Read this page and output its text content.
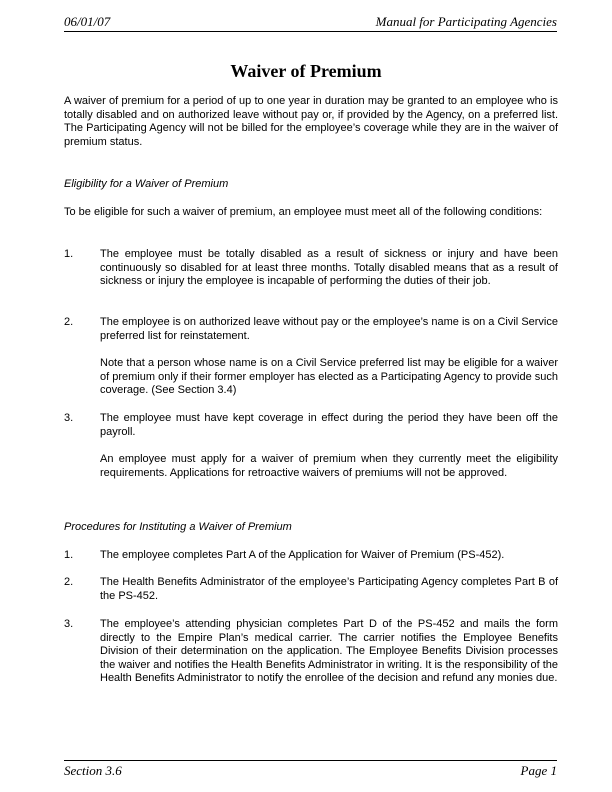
06/01/07	Manual for Participating Agencies
Waiver of Premium

A waiver of premium for a period of up to one year in duration may be granted to an employee who is totally disabled and on authorized leave without pay or, if provided by the Agency, on a preferred list. The Participating Agency will not be billed for the employee’s coverage while they are in the waiver of premium status.

Eligibility for a Waiver of Premium

To be eligible for such a waiver of premium, an employee must meet all of the following conditions:

1. The employee must be totally disabled as a result of sickness or injury and have been continuously so disabled for at least three months. Totally disabled means that as a result of sickness or injury the employee is incapable of performing the duties of their job.

2. The employee is on authorized leave without pay or the employee’s name is on a Civil Service preferred list for reinstatement.

Note that a person whose name is on a Civil Service preferred list may be eligible for a waiver of premium only if their former employer has elected as a Participating Agency to provide such coverage. (See Section 3.4)

3. The employee must have kept coverage in effect during the period they have been off the payroll.

An employee must apply for a waiver of premium when they currently meet the eligibility requirements. Applications for retroactive waivers of premiums will not be approved.

Procedures for Instituting a Waiver of Premium
1. The employee completes Part A of the Application for Waiver of Premium (PS-452).

2. The Health Benefits Administrator of the employee’s Participating Agency completes Part B of the PS-452.

3. The employee’s attending physician completes Part D of the PS-452 and mails the form directly to the Empire Plan’s medical carrier. The carrier notifies the Employee Benefits Division of their determination on the application. The Employee Benefits Division processes the waiver and notifies the Health Benefits Administrator in writing. It is the responsibility of the Health Benefits Administrator to notify the enrollee of the decision and refund any monies due.

Section 3.6	Page 1
